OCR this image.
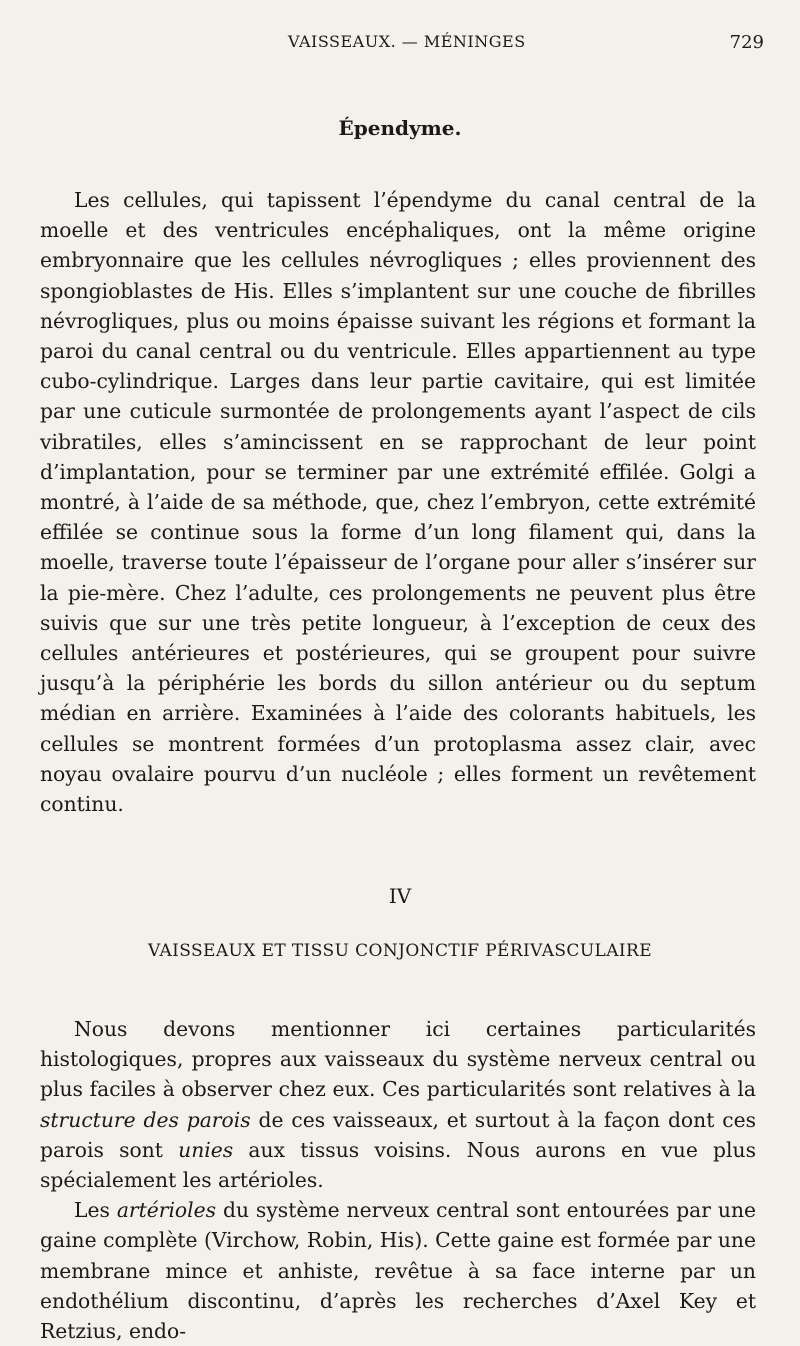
VAISSEAUX. — MÉNINGES	729
Épendyme.

Les cellules, qui tapissent l’épendyme du canal central de la moelle et des ventricules encéphaliques, ont la même origine embryonnaire que les cellules névrogliques ; elles proviennent des spongioblastes de His. Elles s’implantent sur une couche de fibrilles névrogliques, plus ou moins épaisse suivant les régions et formant la paroi du canal central ou du ventricule. Elles appartiennent au type cubo-cylindrique. Larges dans leur partie cavitaire, qui est limitée par une cuticule surmontée de prolongements ayant l’aspect de cils vibratiles, elles s’amincissent en se rapprochant de leur point d’implantation, pour se terminer par une extrémité effilée. Golgi a montré, à l’aide de sa méthode, que, chez l’embryon, cette extrémité effilée se continue sous la forme d’un long filament qui, dans la moelle, traverse toute l’épaisseur de l’organe pour aller s’insérer sur la pie-mère. Chez l’adulte, ces prolongements ne peuvent plus être suivis que sur une très petite longueur, à l’exception de ceux des cellules antérieures et postérieures, qui se groupent pour suivre jusqu’à la périphérie les bords du sillon antérieur ou du septum médian en arrière. Examinées à l’aide des colorants habituels, les cellules se montrent formées d’un protoplasma assez clair, avec noyau ovalaire pourvu d’un nucléole ; elles forment un revêtement continu.

IV
VAISSEAUX ET TISSU CONJONCTIF PÉRIVASCULAIRE

Nous devons mentionner ici certaines particularités histologiques, propres aux vaisseaux du système nerveux central ou plus faciles à observer chez eux. Ces particularités sont relatives à la structure des parois de ces vaisseaux, et surtout à la façon dont ces parois sont unies aux tissus voisins. Nous aurons en vue plus spécialement les artérioles.

Les artérioles du système nerveux central sont entourées par une gaine complète (Virchow, Robin, His). Cette gaine est formée par une membrane mince et anhiste, revêtue à sa face interne par un endothélium discontinu, d’après les recherches d’Axel Key et Retzius, endo-
